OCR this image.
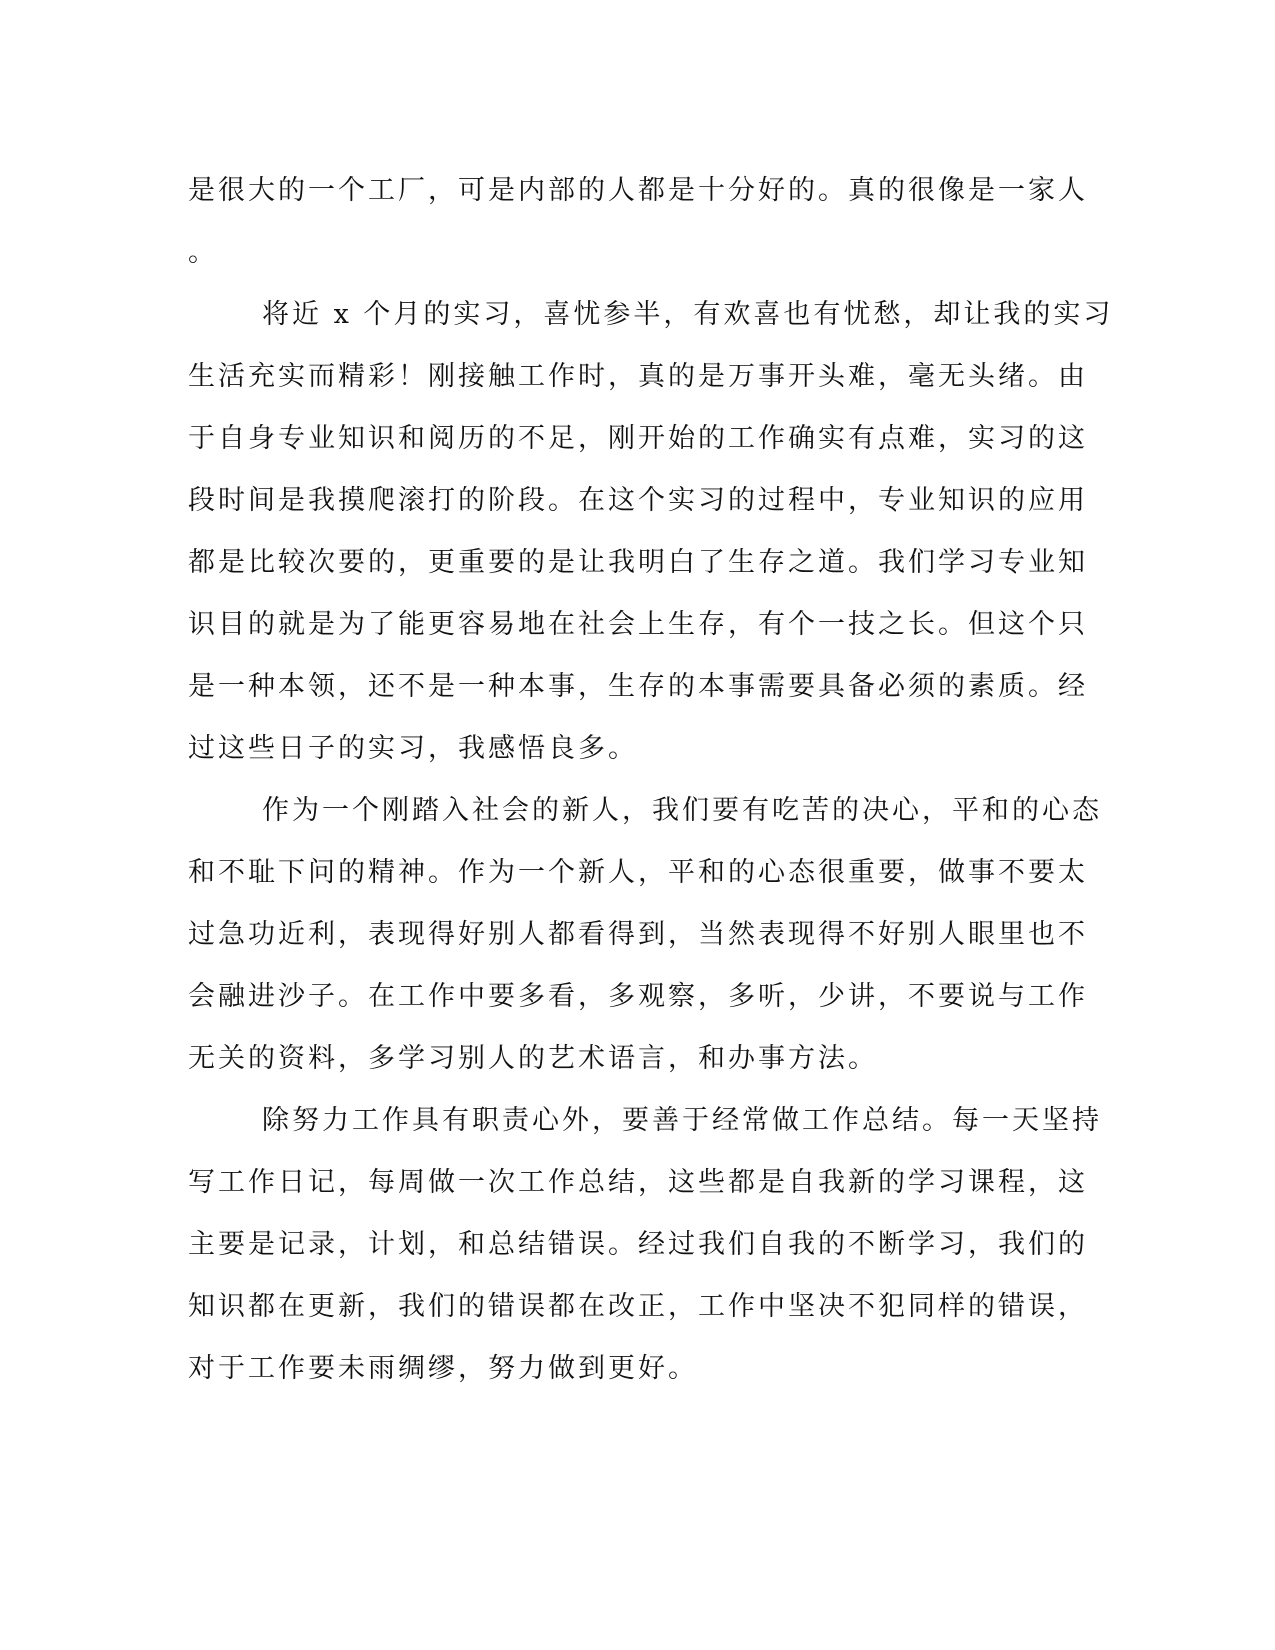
是很大的一个工厂，可是内部的人都是十分好的。真的很像是一家人
。
将近 x 个月的实习，喜忧参半，有欢喜也有忧愁，却让我的实习
生活充实而精彩！刚接触工作时，真的是万事开头难，毫无头绪。由
于自身专业知识和阅历的不足，刚开始的工作确实有点难，实习的这
段时间是我摸爬滚打的阶段。在这个实习的过程中，专业知识的应用
都是比较次要的，更重要的是让我明白了生存之道。我们学习专业知
识目的就是为了能更容易地在社会上生存，有个一技之长。但这个只
是一种本领，还不是一种本事，生存的本事需要具备必须的素质。经
过这些日子的实习，我感悟良多。
作为一个刚踏入社会的新人，我们要有吃苦的决心，平和的心态
和不耻下问的精神。作为一个新人，平和的心态很重要，做事不要太
过急功近利，表现得好别人都看得到，当然表现得不好别人眼里也不
会融进沙子。在工作中要多看，多观察，多听，少讲，不要说与工作
无关的资料，多学习别人的艺术语言，和办事方法。
除努力工作具有职责心外，要善于经常做工作总结。每一天坚持
写工作日记，每周做一次工作总结，这些都是自我新的学习课程，这
主要是记录，计划，和总结错误。经过我们自我的不断学习，我们的
知识都在更新，我们的错误都在改正，工作中坚决不犯同样的错误，
对于工作要未雨绸缪，努力做到更好。
